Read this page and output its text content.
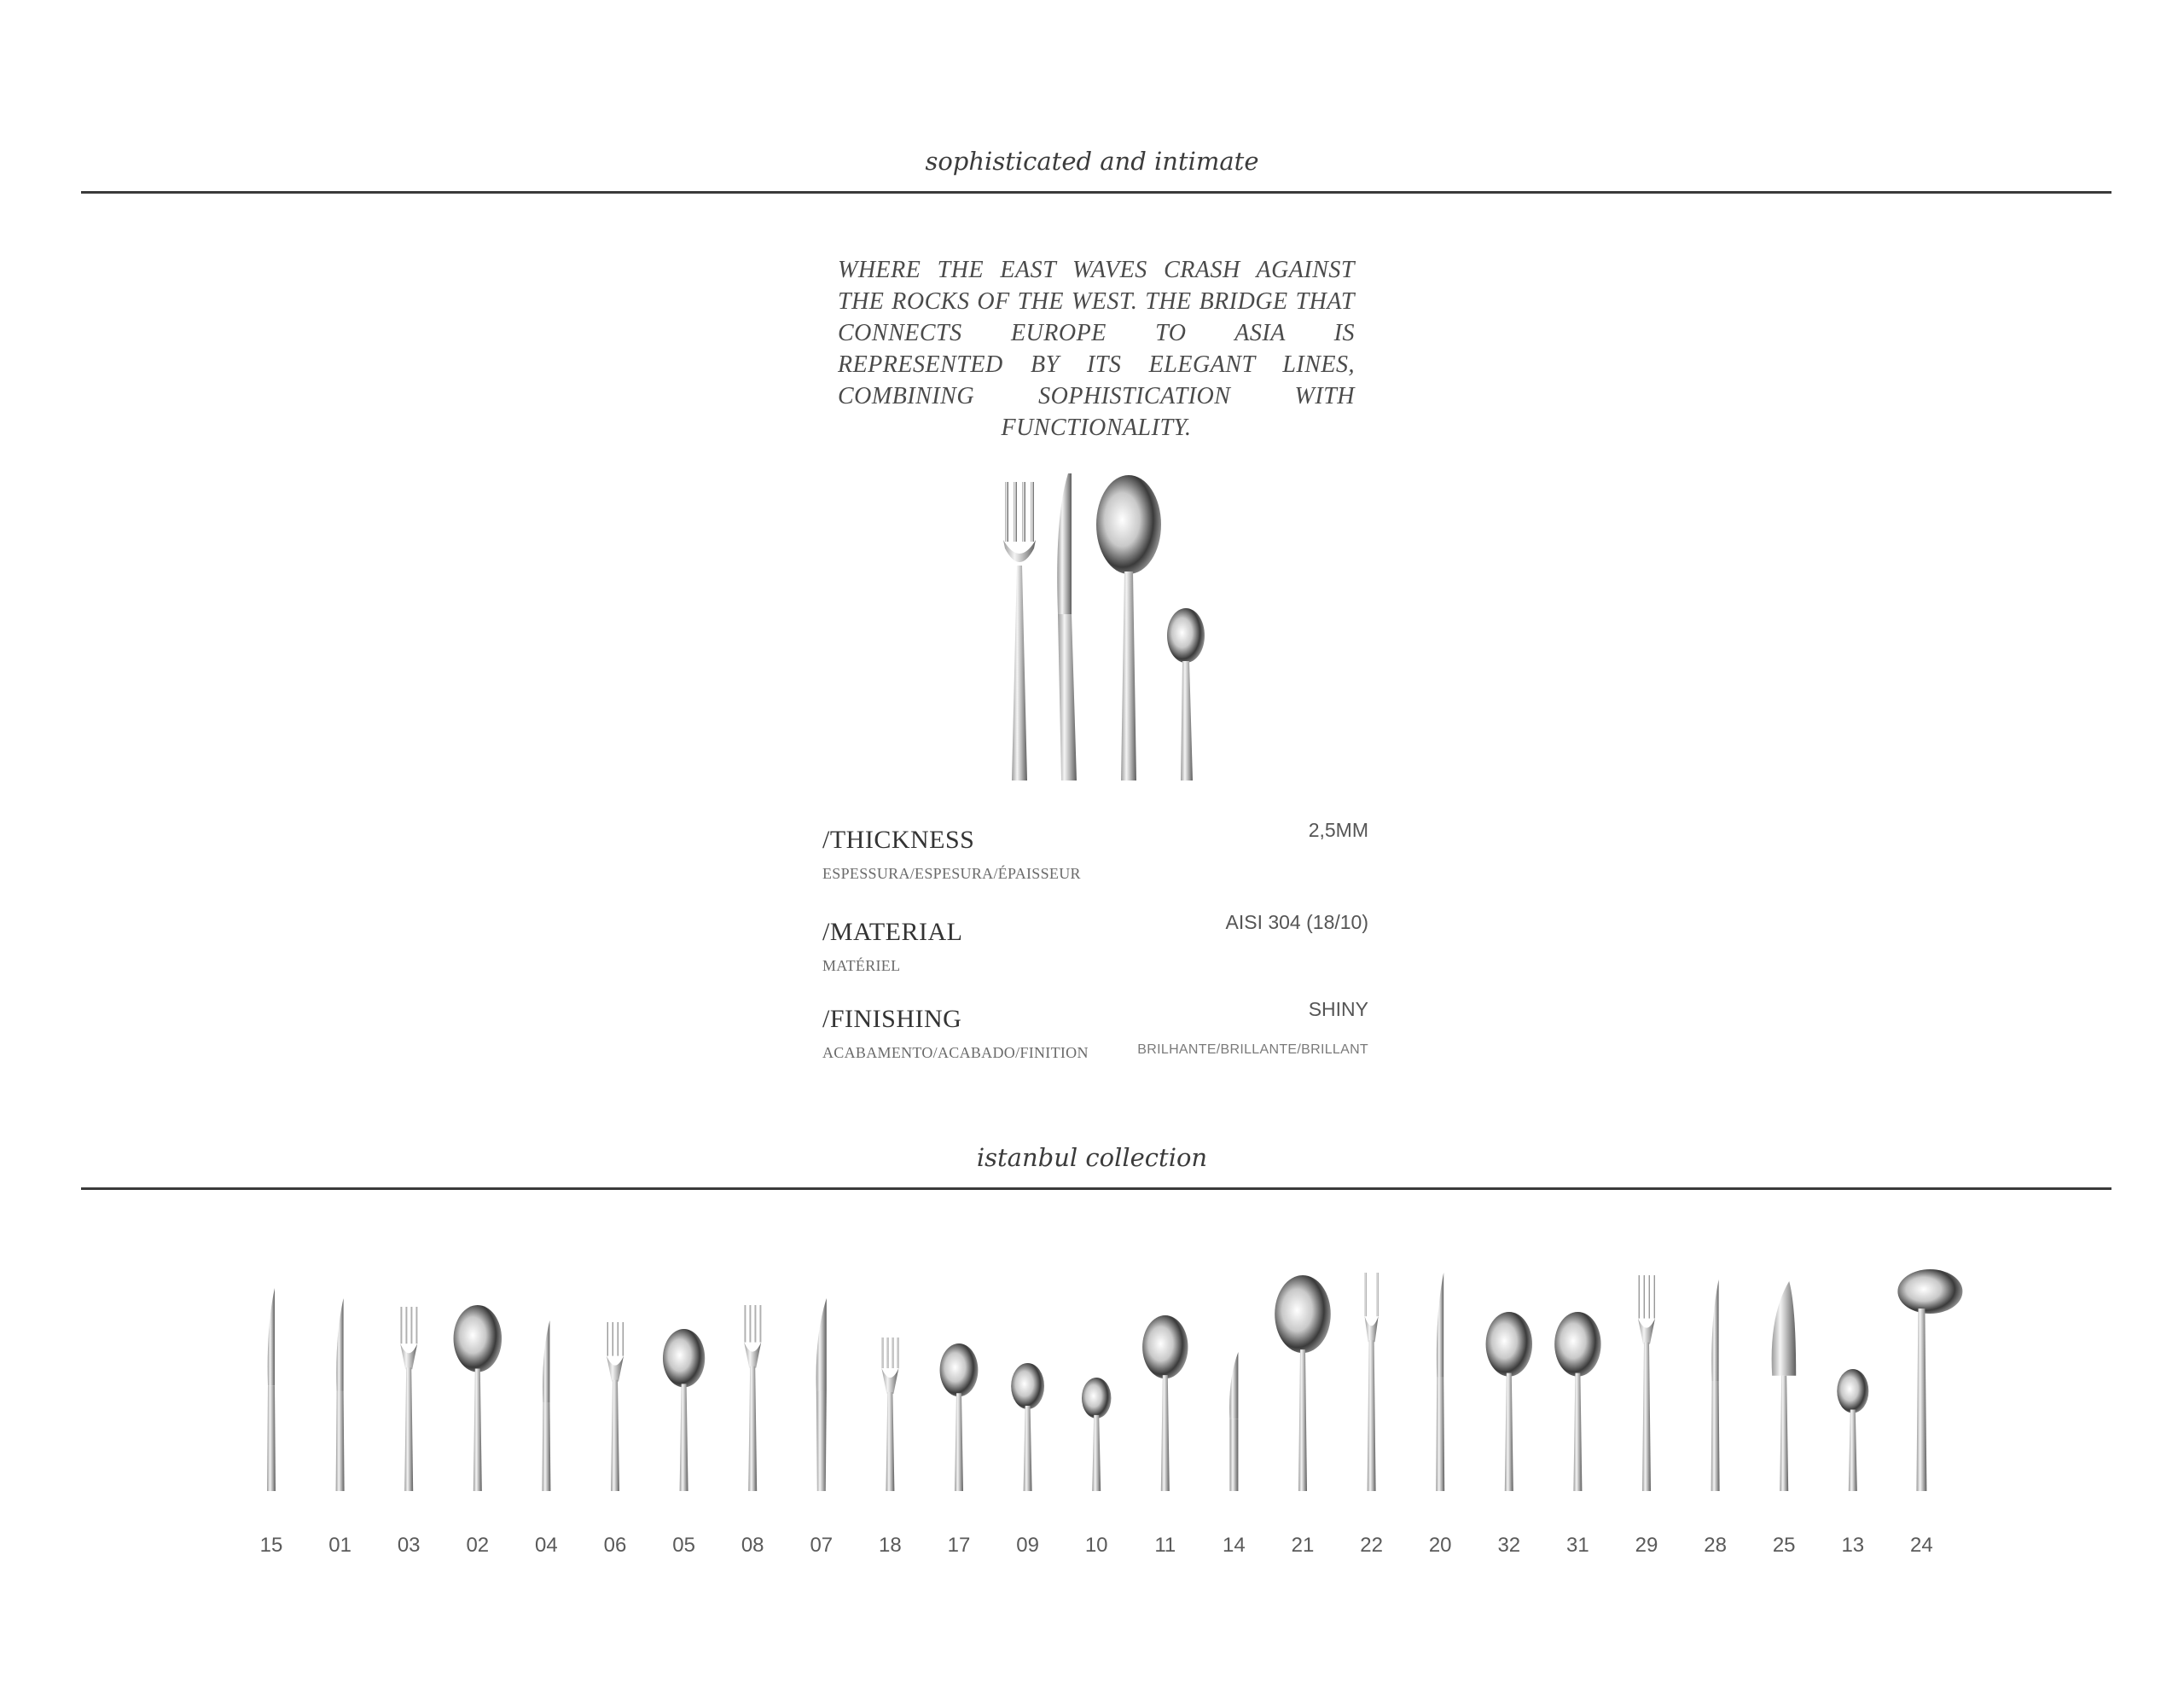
sophisticated and intimate
WHERE THE EAST WAVES CRASH AGAINST THE ROCKS OF THE WEST. THE BRIDGE THAT CONNECTS EUROPE TO ASIA IS REPRESENTED BY ITS ELEGANT LINES, COMBINING SOPHISTICATION WITH FUNCTIONALITY.
/THICKNESS
ESPESSURA/ESPESURA/ÉPAISSEUR
2,5MM
/MATERIAL
MATÉRIEL
AISI 304 (18/10)
/FINISHING
ACABAMENTO/ACABADO/FINITION
SHINY
BRILHANTE/BRILLANTE/BRILLANT
istanbul collection
15	01	03	02	04	06	05	08	07	18	17	09	10	11	14	21	22	20	32	31	29	28	25	13	24
